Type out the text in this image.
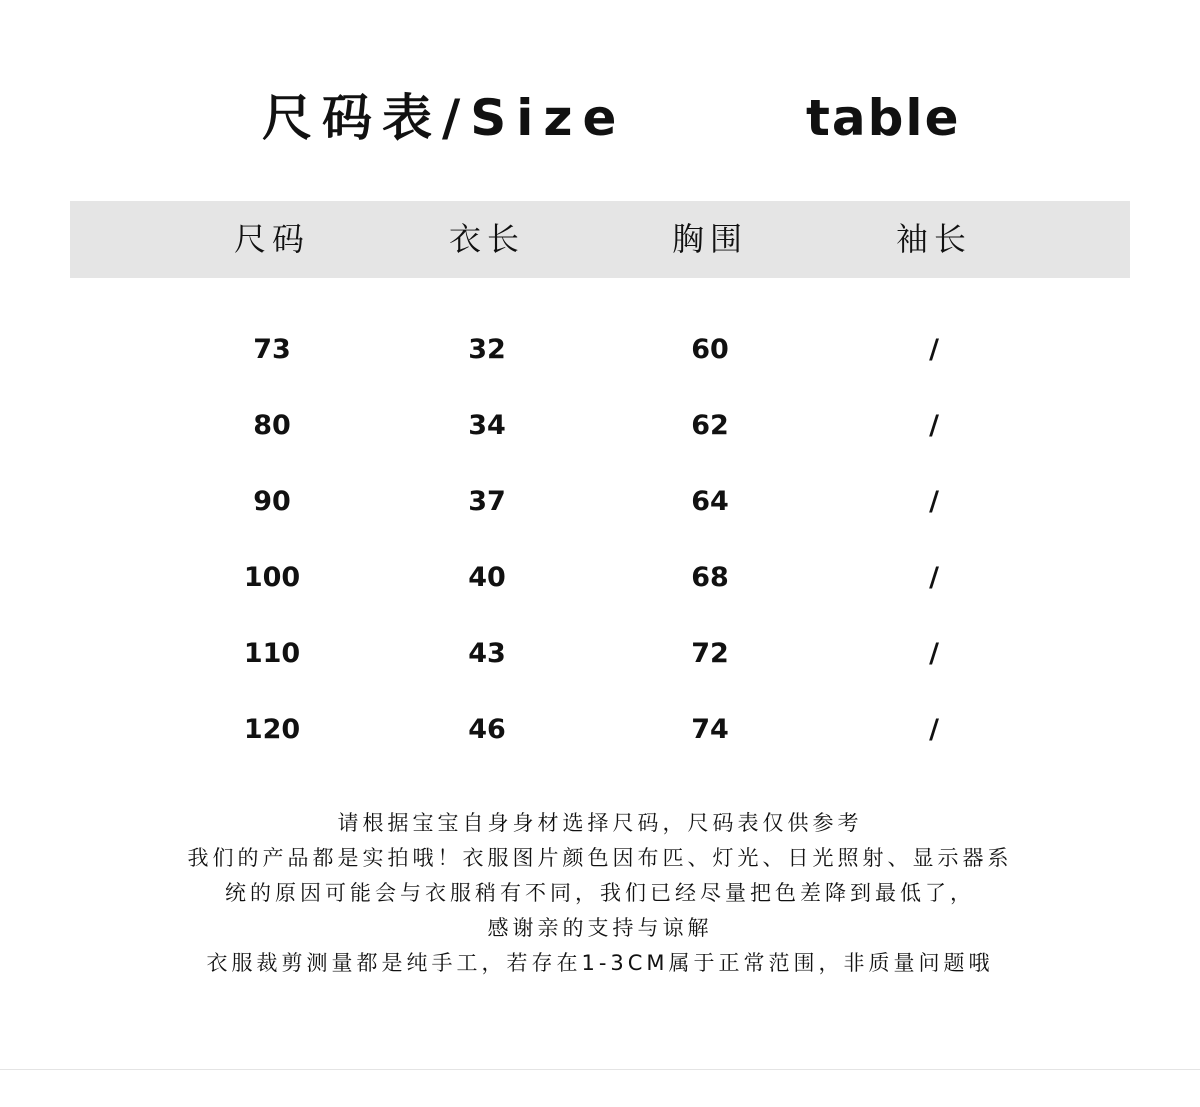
尺码表/Size	table
尺码	衣长	胸围	袖长
73	32	60	/
80	34	62	/
90	37	64	/
100	40	68	/
110	43	72	/
120	46	74	/
请根据宝宝自身身材选择尺码，尺码表仅供参考
我们的产品都是实拍哦！衣服图片颜色因布匹、灯光、日光照射、显示器系
统的原因可能会与衣服稍有不同，我们已经尽量把色差降到最低了，
感谢亲的支持与谅解
衣服裁剪测量都是纯手工，若存在1-3CM属于正常范围，非质量问题哦
